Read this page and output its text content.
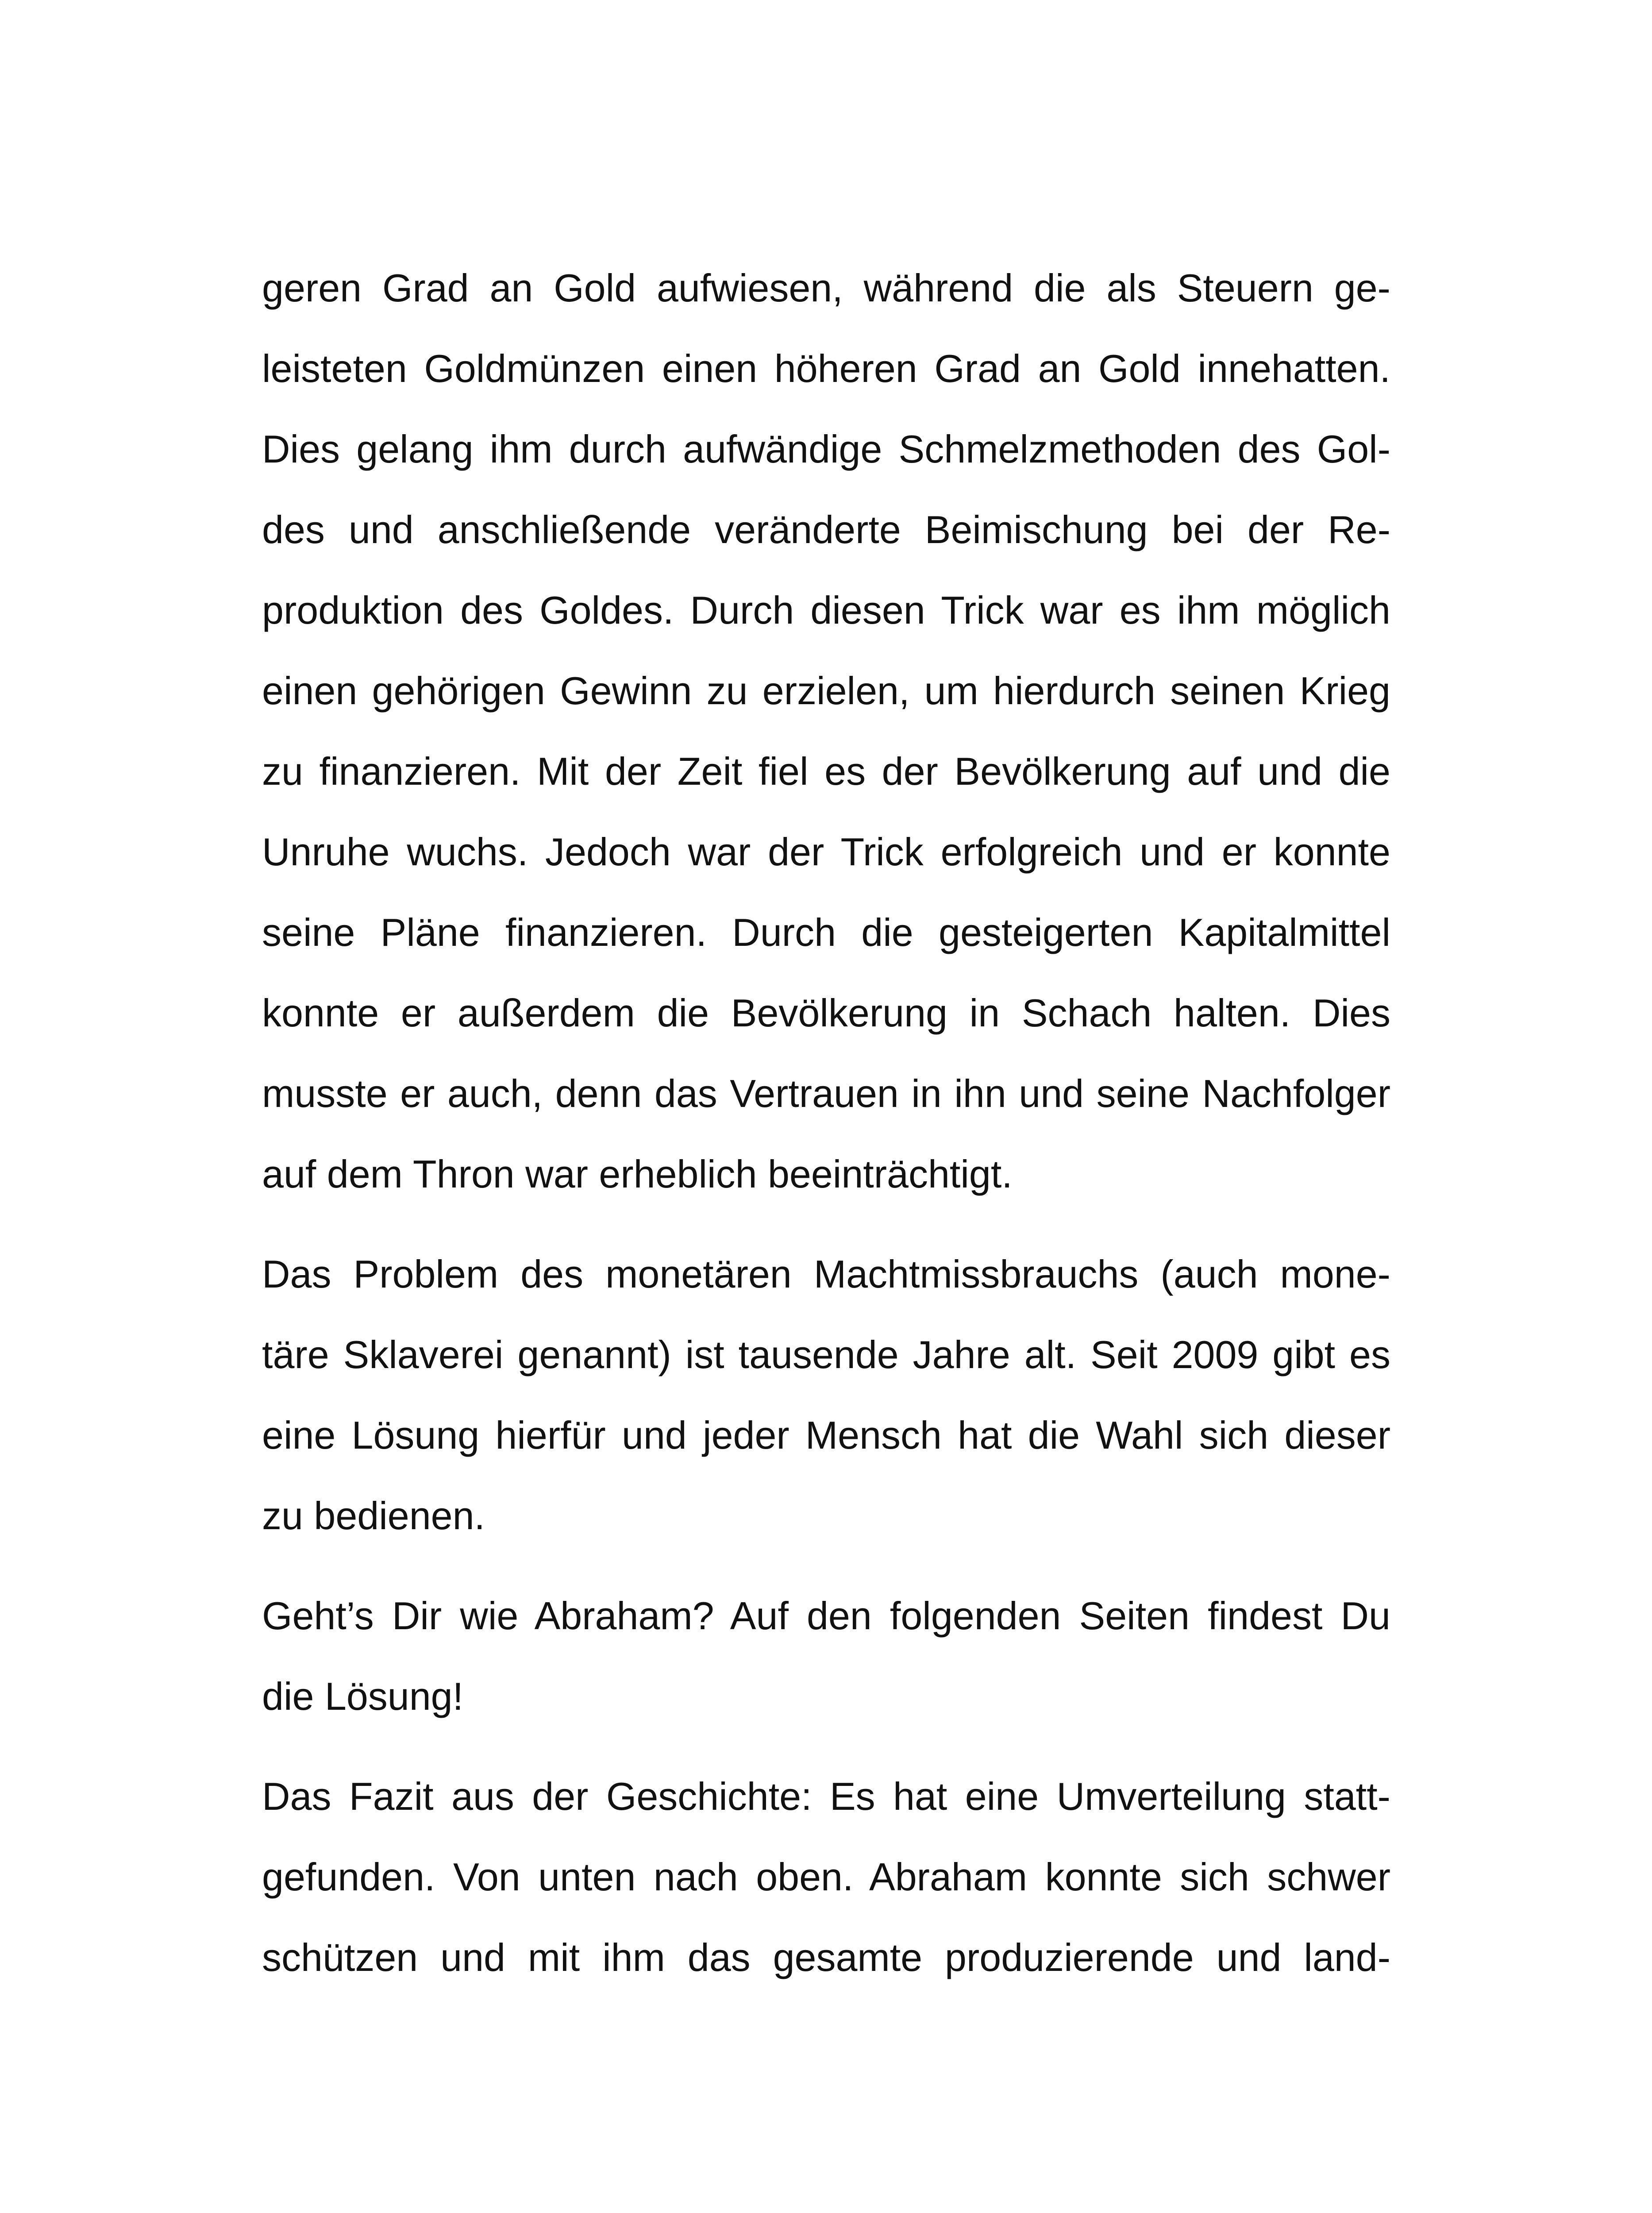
geren Grad an Gold aufwiesen, während die als Steuern ge-
leisteten Goldmünzen einen höheren Grad an Gold innehatten.
Dies gelang ihm durch aufwändige Schmelzmethoden des Gol-
des und anschließende veränderte Beimischung bei der Re-
produktion des Goldes. Durch diesen Trick war es ihm möglich
einen gehörigen Gewinn zu erzielen, um hierdurch seinen Krieg
zu finanzieren. Mit der Zeit fiel es der Bevölkerung auf und die
Unruhe wuchs. Jedoch war der Trick erfolgreich und er konnte
seine Pläne finanzieren. Durch die gesteigerten Kapitalmittel
konnte er außerdem die Bevölkerung in Schach halten. Dies
musste er auch, denn das Vertrauen in ihn und seine Nachfolger
auf dem Thron war erheblich beeinträchtigt.

Das Problem des monetären Machtmissbrauchs (auch mone-
täre Sklaverei genannt) ist tausende Jahre alt. Seit 2009 gibt es
eine Lösung hierfür und jeder Mensch hat die Wahl sich dieser
zu bedienen.

Geht’s Dir wie Abraham? Auf den folgenden Seiten findest Du
die Lösung!

Das Fazit aus der Geschichte: Es hat eine Umverteilung statt-
gefunden. Von unten nach oben. Abraham konnte sich schwer
schützen und mit ihm das gesamte produzierende und land-
